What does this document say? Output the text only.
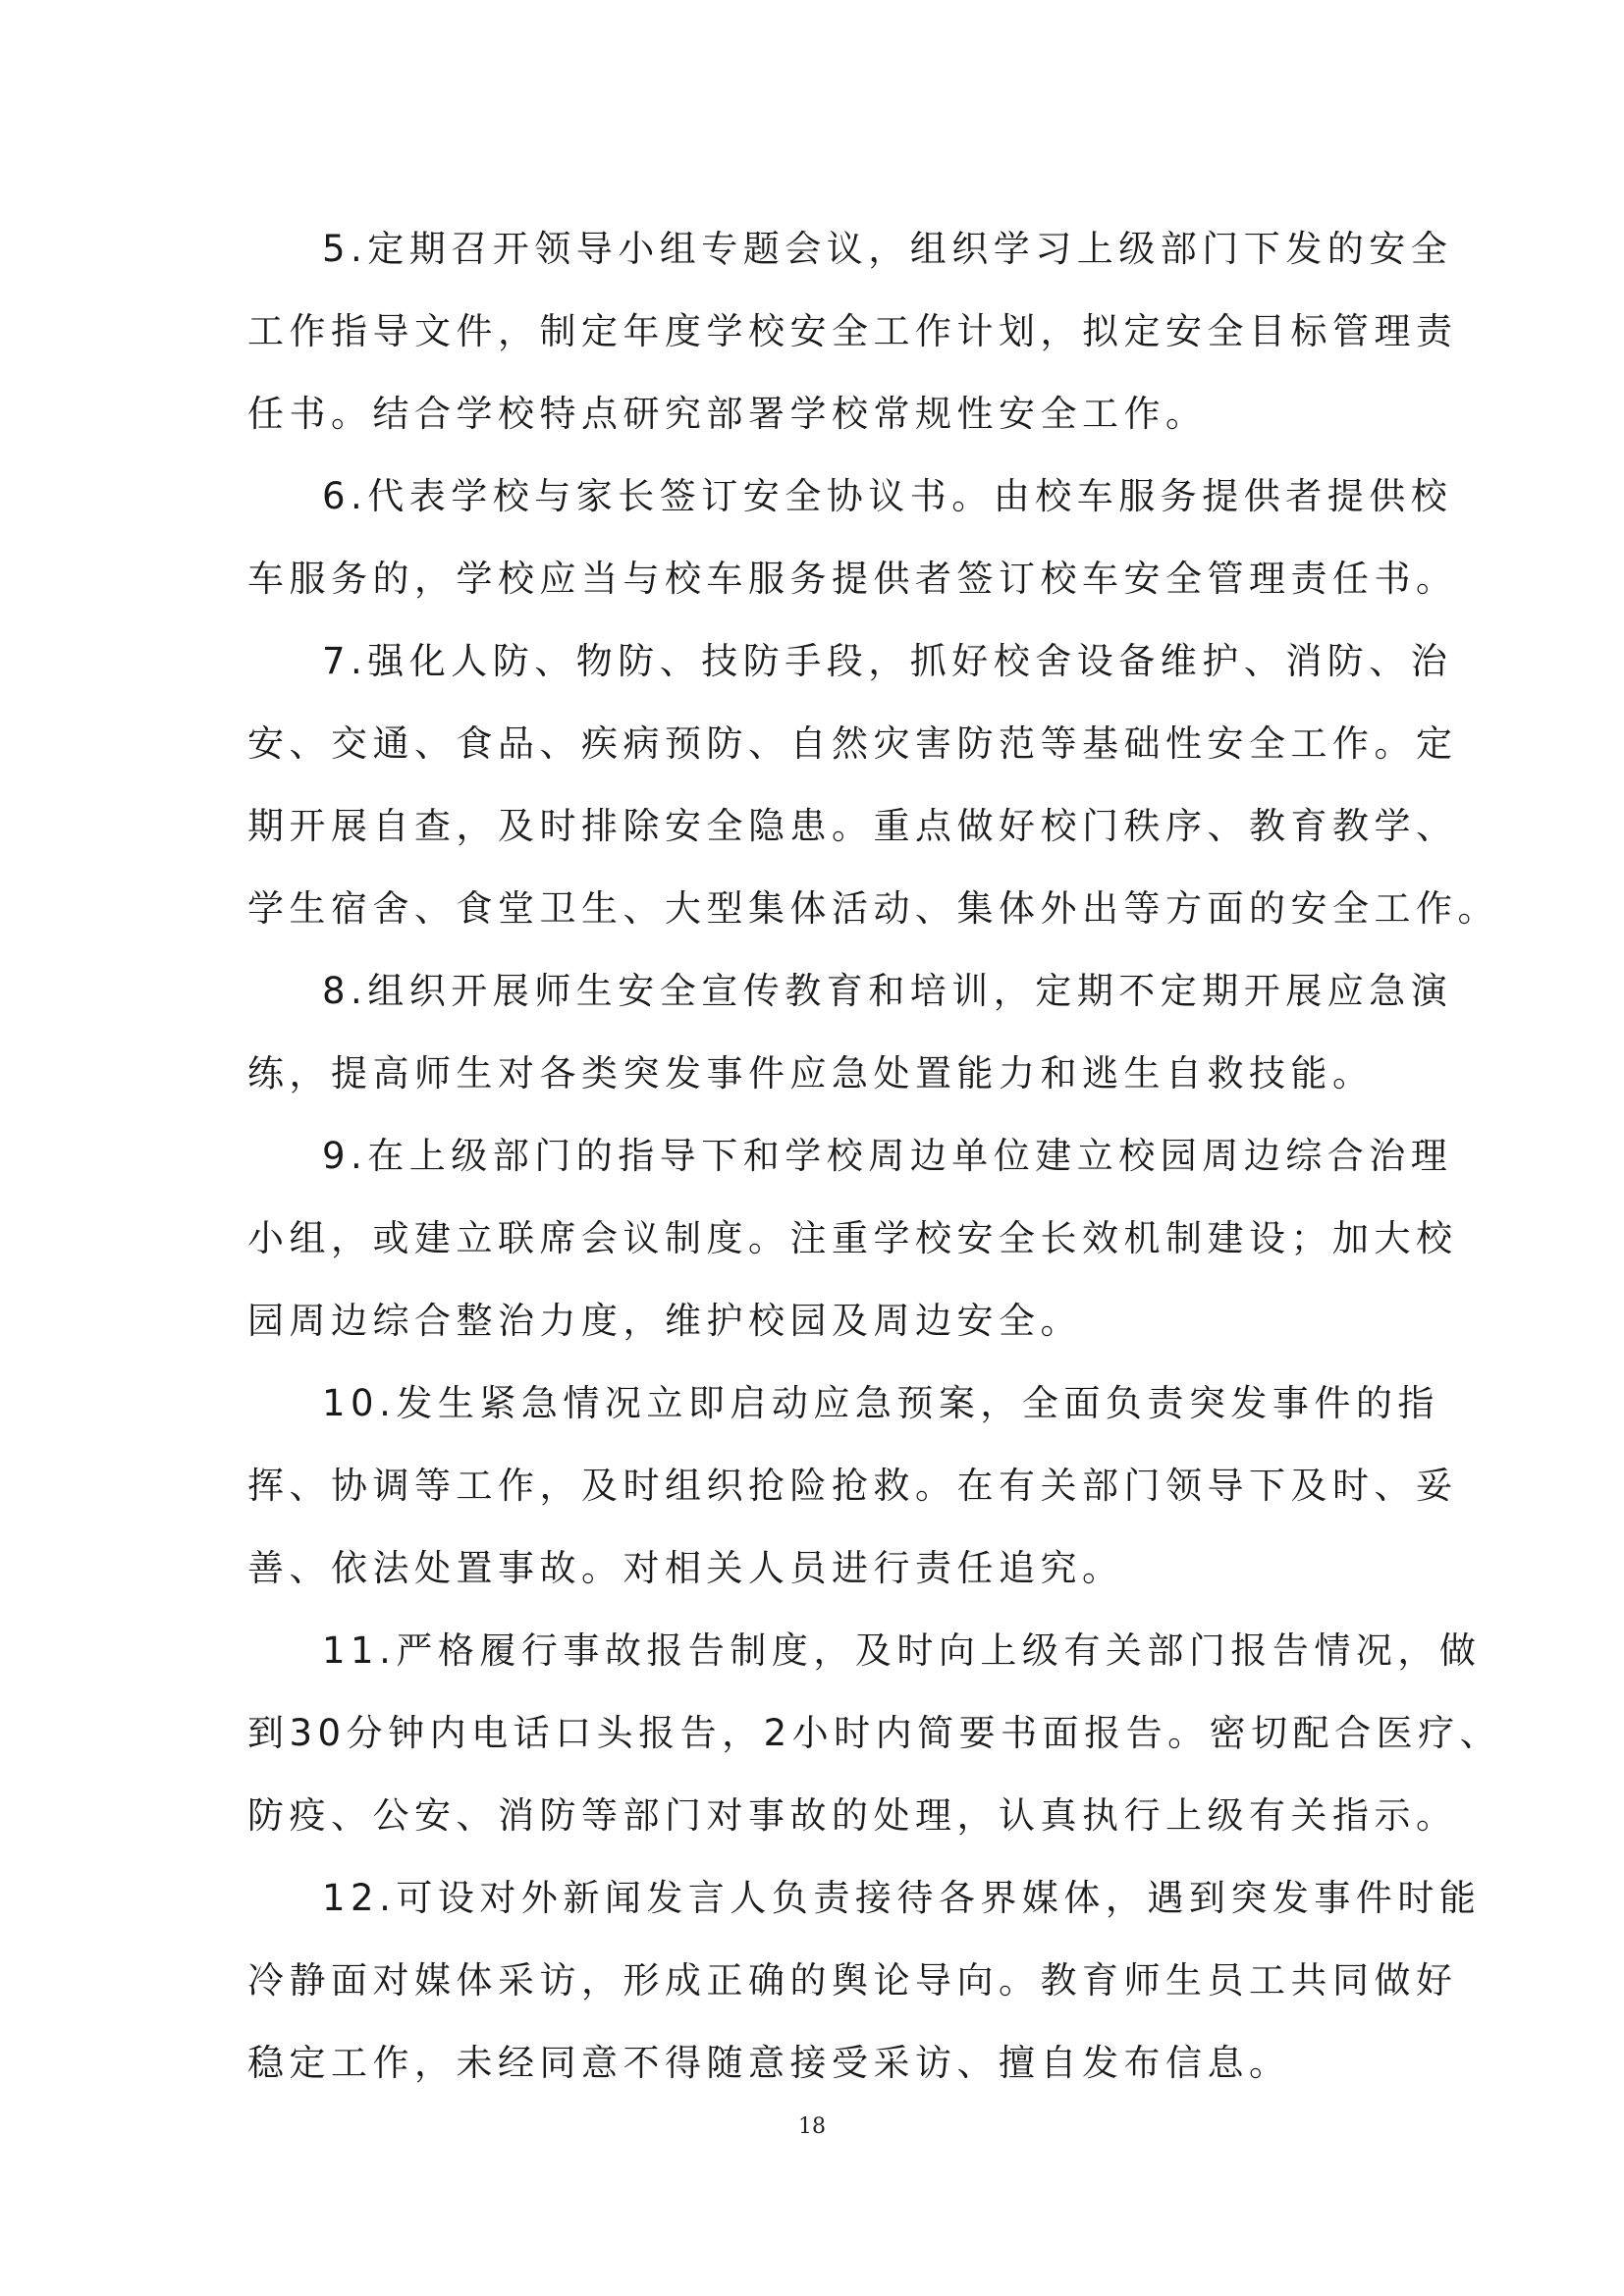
5.定期召开领导小组专题会议，组织学习上级部门下发的安全
工作指导文件，制定年度学校安全工作计划，拟定安全目标管理责
任书。结合学校特点研究部署学校常规性安全工作。
6.代表学校与家长签订安全协议书。由校车服务提供者提供校
车服务的，学校应当与校车服务提供者签订校车安全管理责任书。
7.强化人防、物防、技防手段，抓好校舍设备维护、消防、治
安、交通、食品、疾病预防、自然灾害防范等基础性安全工作。定
期开展自查，及时排除安全隐患。重点做好校门秩序、教育教学、
学生宿舍、食堂卫生、大型集体活动、集体外出等方面的安全工作。
8.组织开展师生安全宣传教育和培训，定期不定期开展应急演
练，提高师生对各类突发事件应急处置能力和逃生自救技能。
9.在上级部门的指导下和学校周边单位建立校园周边综合治理
小组，或建立联席会议制度。注重学校安全长效机制建设；加大校
园周边综合整治力度，维护校园及周边安全。
10.发生紧急情况立即启动应急预案，全面负责突发事件的指
挥、协调等工作，及时组织抢险抢救。在有关部门领导下及时、妥
善、依法处置事故。对相关人员进行责任追究。
11.严格履行事故报告制度，及时向上级有关部门报告情况，做
到30分钟内电话口头报告，2小时内简要书面报告。密切配合医疗、
防疫、公安、消防等部门对事故的处理，认真执行上级有关指示。
12.可设对外新闻发言人负责接待各界媒体，遇到突发事件时能
冷静面对媒体采访，形成正确的舆论导向。教育师生员工共同做好
稳定工作，未经同意不得随意接受采访、擅自发布信息。
18
